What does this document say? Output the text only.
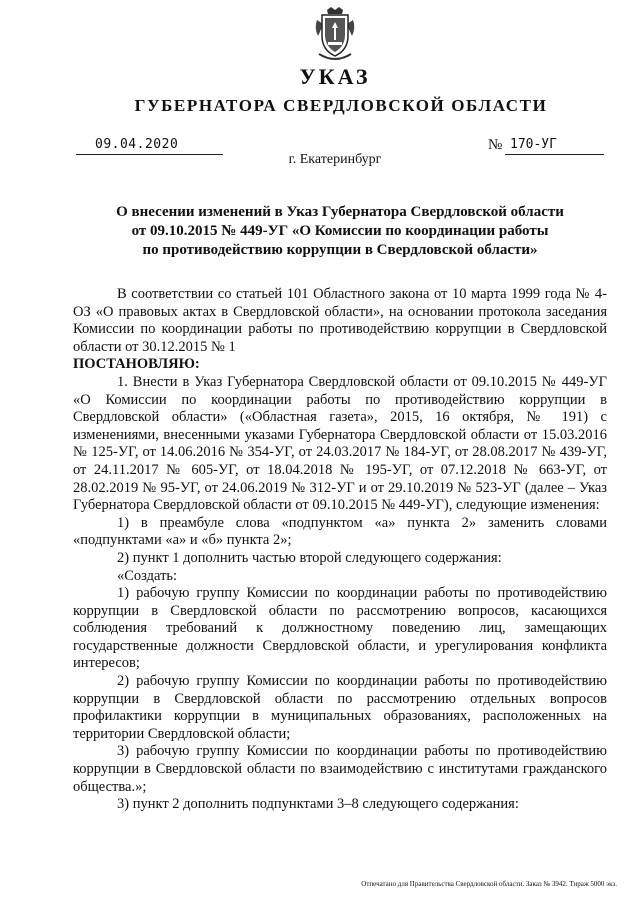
УКАЗ
ГУБЕРНАТОРА СВЕРДЛОВСКОЙ ОБЛАСТИ
09.04.2020	№ 170-УГ
г. Екатеринбург
О внесении изменений в Указ Губернатора Свердловской области
от 09.10.2015 № 449-УГ «О Комиссии по координации работы
по противодействию коррупции в Свердловской области»

В соответствии со статьей 101 Областного закона от 10 марта 1999 года № 4-ОЗ «О правовых актах в Свердловской области», на основании протокола заседания Комиссии по координации работы по противодействию коррупции в Свердловской области от 30.12.2015 № 1

ПОСТАНОВЛЯЮ:

1. Внести в Указ Губернатора Свердловской области от 09.10.2015 № 449-УГ «О Комиссии по координации работы по противодействию коррупции в Свердловской области» («Областная газета», 2015, 16 октября, № 191) с изменениями, внесенными указами Губернатора Свердловской области от 15.03.2016 № 125-УГ, от 14.06.2016 № 354-УГ, от 24.03.2017 № 184-УГ, от 28.08.2017 № 439-УГ, от 24.11.2017 № 605-УГ, от 18.04.2018 № 195-УГ, от 07.12.2018 № 663-УГ, от 28.02.2019 № 95-УГ, от 24.06.2019 № 312-УГ и от 29.10.2019 № 523-УГ (далее – Указ Губернатора Свердловской области от 09.10.2015 № 449-УГ), следующие изменения:

1) в преамбуле слова «подпунктом «а» пункта 2» заменить словами «подпунктами «а» и «б» пункта 2»;

2) пункт 1 дополнить частью второй следующего содержания:

«Создать:

1) рабочую группу Комиссии по координации работы по противодействию коррупции в Свердловской области по рассмотрению вопросов, касающихся соблюдения требований к должностному поведению лиц, замещающих государственные должности Свердловской области, и урегулирования конфликта интересов;

2) рабочую группу Комиссии по координации работы по противодействию коррупции в Свердловской области по рассмотрению отдельных вопросов профилактики коррупции в муниципальных образованиях, расположенных на территории Свердловской области;

3) рабочую группу Комиссии по координации работы по противодействию коррупции в Свердловской области по взаимодействию с институтами гражданского общества.»;

3) пункт 2 дополнить подпунктами 3–8 следующего содержания:

Отпечатано для Правительства Свердловской области. Заказ № 3942. Тираж 5000 экз.
